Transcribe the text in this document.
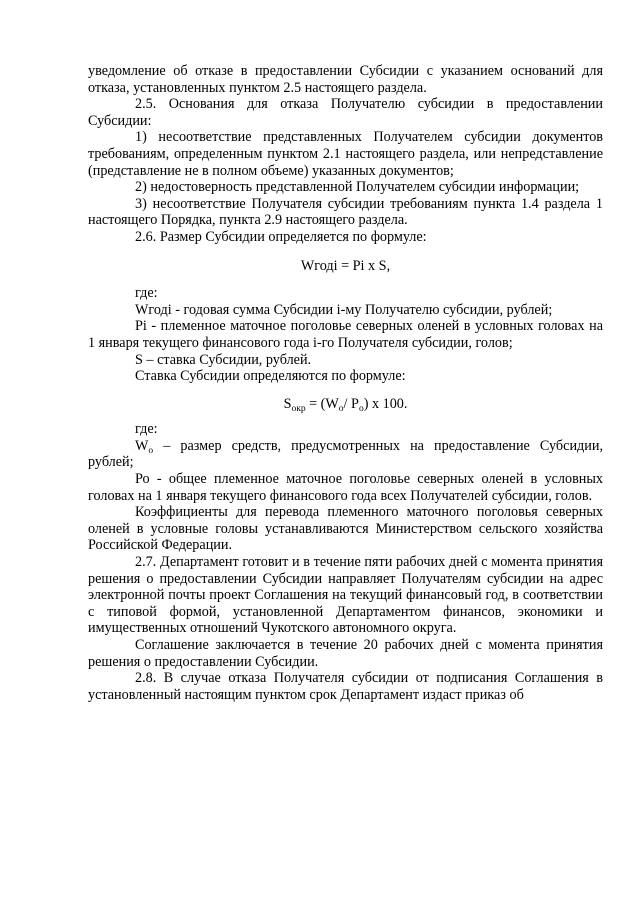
уведомление об отказе в предоставлении Субсидии с указанием оснований для отказа, установленных пунктом 2.5 настоящего раздела.

2.5. Основания для отказа Получателю субсидии в предоставлении Субсидии:

1) несоответствие представленных Получателем субсидии документов требованиям, определенным пунктом 2.1 настоящего раздела, или непредставление (представление не в полном объеме) указанных документов;

2) недостоверность представленной Получателем субсидии информации;

3) несоответствие Получателя субсидии требованиям пункта 1.4 раздела 1 настоящего Порядка, пункта 2.9 настоящего раздела.

2.6. Размер Субсидии определяется по формуле:

Wгодi = Pi x S,

где:

Wгодi - годовая сумма Субсидии i-му Получателю субсидии, рублей;

Pi - племенное маточное поголовье северных оленей в условных головах на 1 января текущего финансового года i-го Получателя субсидии, голов;

S – ставка Субсидии, рублей.

Ставка Субсидии определяются по формуле:

$S_{окр} = (W_о/$ $P_о$) x 100.

где:

$W_о$ – размер средств, предусмотренных на предоставление Субсидии, рублей;

Ро - общее племенное маточное поголовье северных оленей в условных головах на 1 января текущего финансового года всех Получателей субсидии, голов.

Коэффициенты для перевода племенного маточного поголовья северных оленей в условные головы устанавливаются Министерством сельского хозяйства Российской Федерации.

2.7. Департамент готовит и в течение пяти рабочих дней с момента принятия решения о предоставлении Субсидии направляет Получателям субсидии на адрес электронной почты проект Соглашения на текущий финансовый год, в соответствии с типовой формой, установленной Департаментом финансов, экономики и имущественных отношений Чукотского автономного округа.

Соглашение заключается в течение 20 рабочих дней с момента принятия решения о предоставлении Субсидии.

2.8. В случае отказа Получателя субсидии от подписания Соглашения в установленный настоящим пунктом срок Департамент издаст приказ об
